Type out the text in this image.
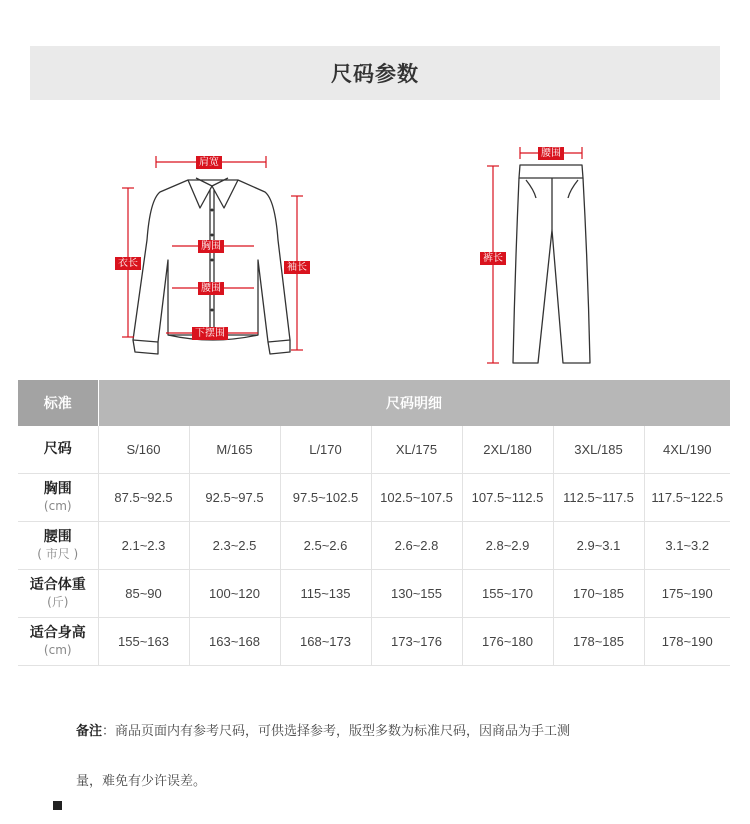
尺码参数
肩宽
胸围
腰围
下摆围
衣长	袖长
腰围
裤长
标准	尺码明细						
尺码	S/160	M/165	L/170	XL/175	2XL/180	3XL/185	4XL/190
胸围
(cm)	87.5~92.5	92.5~97.5	97.5~102.5	102.5~107.5	107.5~112.5	112.5~117.5	117.5~122.5
腰围
( 市尺 )	2.1~2.3	2.3~2.5	2.5~2.6	2.6~2.8	2.8~2.9	2.9~3.1	3.1~3.2
适合体重
(斤)	85~90	100~120	115~135	130~155	155~170	170~185	175~190
适合身高
(cm)	155~163	163~168	168~173	173~176	176~180	178~185	178~190
备注：商品页面内有参考尺码，可供选择参考，版型多数为标准尺码，因商品为手工测
量，难免有少许误差。
